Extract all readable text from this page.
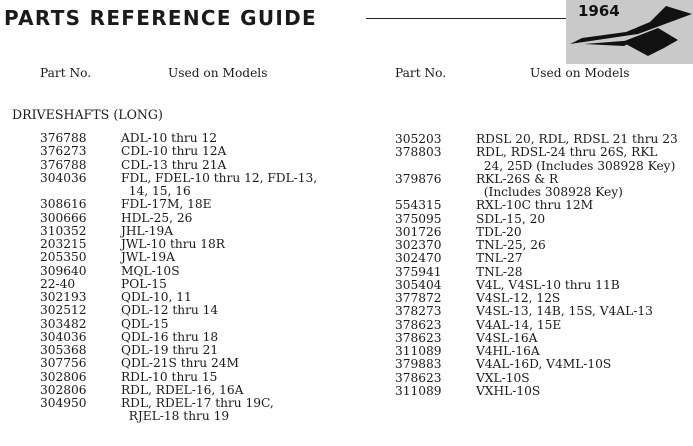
PARTS REFERENCE GUIDE	1964
Part No.	Used on Models	Part No.	Used on Models
DRIVESHAFTS (LONG)
376788	ADL-10 thru 12
376273	CDL-10 thru 12A
376788	CDL-13 thru 21A
304036	FDL, FDEL-10 thru 12, FDL-13,
14, 15, 16
308616	FDL-17M, 18E
300666	HDL-25, 26
310352	JHL-19A
203215	JWL-10 thru 18R
205350	JWL-19A
309640	MQL-10S
22-40	POL-15
302193	QDL-10, 11
302512	QDL-12 thru 14
303482	QDL-15
304036	QDL-16 thru 18
305368	QDL-19 thru 21
307756	QDL-21S thru 24M
302806	RDL-10 thru 15
302806	RDL, RDEL-16, 16A
304950	RDL, RDEL-17 thru 19C,
RJEL-18 thru 19
305203	RDSL 20, RDL, RDSL 21 thru 23
378803	RDL, RDSL-24 thru 26S, RKL
24, 25D (Includes 308928 Key)
379876	RKL-26S & R
(Includes 308928 Key)
554315	RXL-10C thru 12M
375095	SDL-15, 20
301726	TDL-20
302370	TNL-25, 26
302470	TNL-27
375941	TNL-28
305404	V4L, V4SL-10 thru 11B
377872	V4SL-12, 12S
378273	V4SL-13, 14B, 15S, V4AL-13
378623	V4AL-14, 15E
378623	V4SL-16A
311089	V4HL-16A
379883	V4AL-16D, V4ML-10S
378623	VXL-10S
311089	VXHL-10S
